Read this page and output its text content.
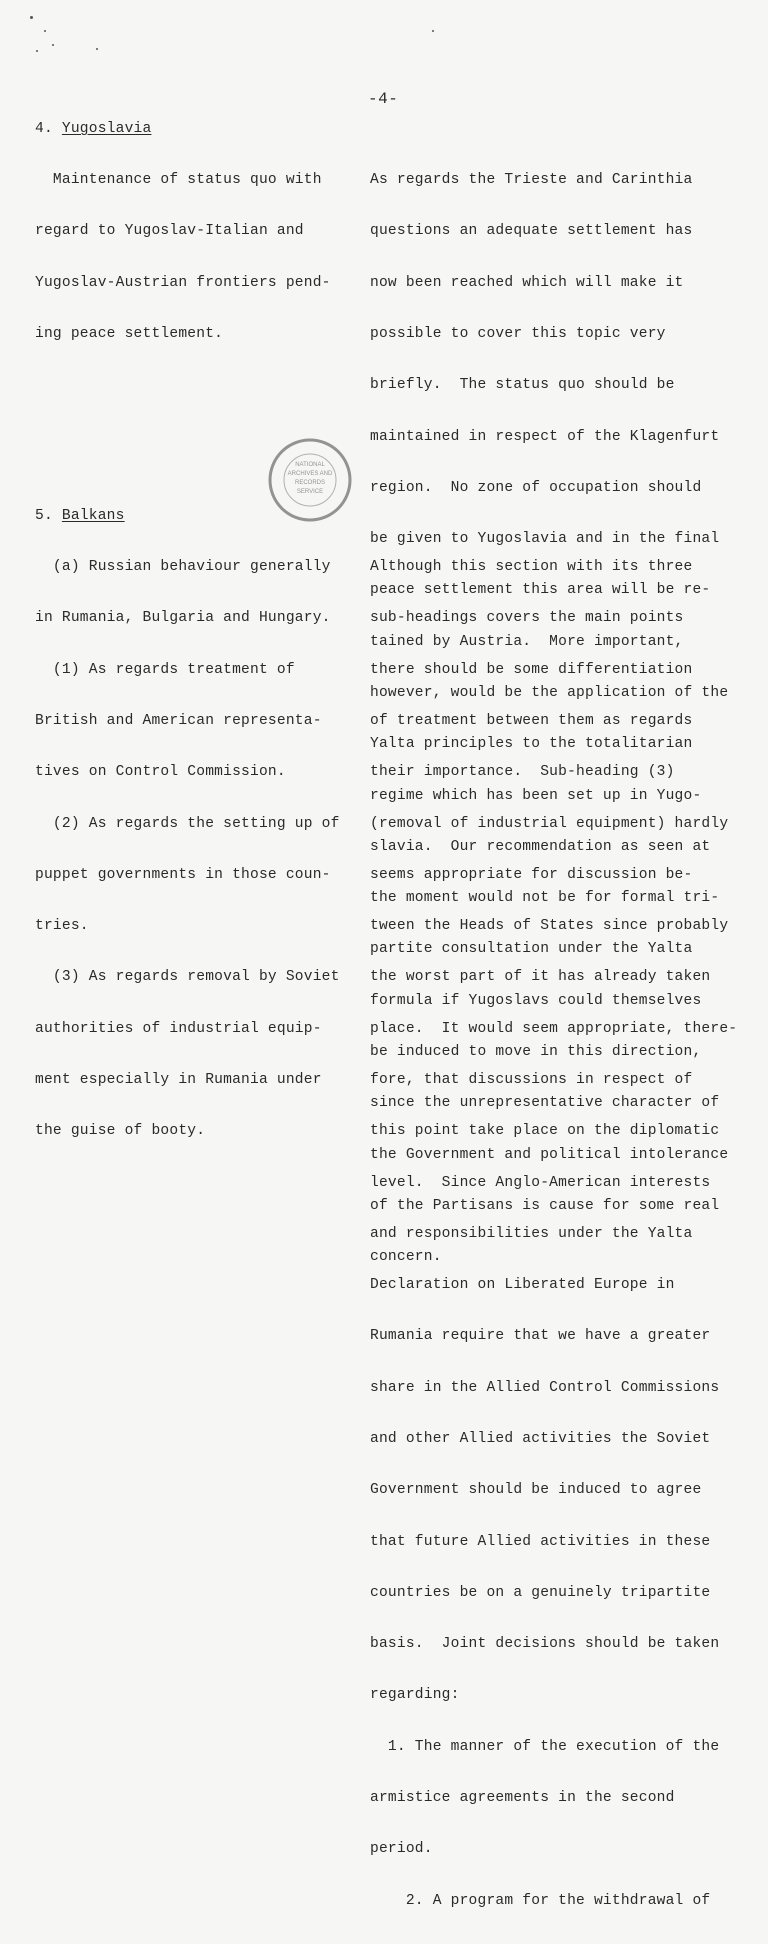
-4-
4. Yugoslavia

Maintenance of status quo with

regard to Yugoslav-Italian and

Yugoslav-Austrian frontiers pend-

ing peace settlement.

As regards the Trieste and Carinthia

questions an adequate settlement has

now been reached which will make it

possible to cover this topic very

briefly.  The status quo should be

maintained in respect of the Klagenfurt

region.  No zone of occupation should

be given to Yugoslavia and in the final

peace settlement this area will be re-

tained by Austria.  More important,

however, would be the application of the

Yalta principles to the totalitarian

regime which has been set up in Yugo-

slavia.  Our recommendation as seen at

the moment would not be for formal tri-

partite consultation under the Yalta

formula if Yugoslavs could themselves

be induced to move in this direction,

since the unrepresentative character of

the Government and political intolerance

of the Partisans is cause for some real

concern.

NATIONAL
ARCHIVES AND
RECORDS
SERVICE
5. Balkans

(a) Russian behaviour generally

in Rumania, Bulgaria and Hungary.

(1) As regards treatment of

British and American representa-

tives on Control Commission.

(2) As regards the setting up of

puppet governments in those coun-

tries.

(3) As regards removal by Soviet

authorities of industrial equip-

ment especially in Rumania under

the guise of booty.

Although this section with its three

sub-headings covers the main points

there should be some differentiation

of treatment between them as regards

their importance.  Sub-heading (3)

(removal of industrial equipment) hardly

seems appropriate for discussion be-

tween the Heads of States since probably

the worst part of it has already taken

place.  It would seem appropriate, there-

fore, that discussions in respect of

this point take place on the diplomatic

level.  Since Anglo-American interests

and responsibilities under the Yalta

Declaration on Liberated Europe in

Rumania require that we have a greater

share in the Allied Control Commissions

and other Allied activities the Soviet

Government should be induced to agree

that future Allied activities in these

countries be on a genuinely tripartite

basis.  Joint decisions should be taken

regarding:

1. The manner of the execution of the

armistice agreements in the second

period.

2. A program for the withdrawal of
